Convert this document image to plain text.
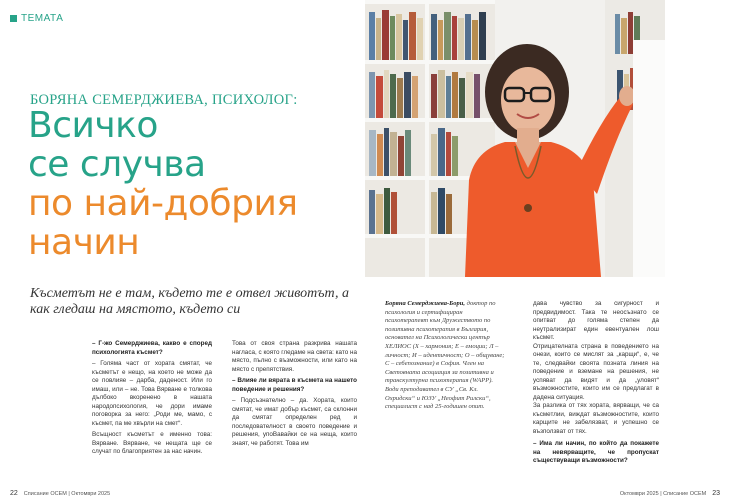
ТЕМАТА
БОРЯНА СЕМЕРДЖИЕВА, ПСИХОЛОГ:
Всичко
се случва
по най-добрия
начин
Късметът не е там, където те е отвел животът, а как гледаш на мястото, където си

– Г-жо Семерджиева, какво е според психологията късмет?

– Голяма част от хората смятат, че късметът е нещо, на което не може да се повлияе – дарба, даденост. Или го имаш, или – не. Това Вярване е толкова дълбоко вкоренено в нашата народопсихология, че дори имаме поговорка за него: „Роди ме, мамо, с късмет, па ме хвърли на смет“.

Всъщност късметът е именно това: Вярване. Вярване, че нещата ще се случат по благоприятен за нас начин.

Това от своя страна разкрива нашата нагласа, с която гледаме на света: като на място, пълно с възможности, или като на място с препятствия.

– Влияе ли вярата в късмета на нашето поведение и решения?

– Подсъзнателно – да. Хората, които смятат, че имат добър късмет, са склонни да смятат определен ред и последователност в своето поведение и решения, упоВавайки се на неща, които знаят, че работят. Това им

22 Списание ОСЕМ | Октомври 2025
Боряна Семерджиева-Бори, доктор по психология и сертифициран психотерапевт към Дружеството по позитивна психотерапия в България, основател на Психологически център ХЕЛИОС (Х – хармония; Е – емоции; Л – личност; И – идентичност; О – общуване; С – себепознание) в София. Член на Световната асоциация за позитивна и транскултурна психотерапия (WAPP). Води преподавател в СУ „Св. Кл. Охридски“ и ЮЗУ „Неофит Рилски“, специалист с над 25-годишен опит.

дава чувство за сигурност и предвидимост. Така те неосъзнато се опитват до голяма степен да неутрализират един евентуален лош късмет.

Отрицателната страна в поведението на онези, които се мислят за „карщи“, е, че те, следвайки своята позната линия на поведение и вземане на решения, не успяват да видят и да „уловят“ възможностите, които им се предлагат в дадена ситуация.

За разлика от тях хората, вярващи, че са късметлии, виждат възможностите, които карщите не забелязват, и успешно се възползват от тях.

– Има ли начин, по който да покажете на невярващите, че пропускат съществуващи възможности?

Октомври 2025 | Списание ОСЕМ 23
